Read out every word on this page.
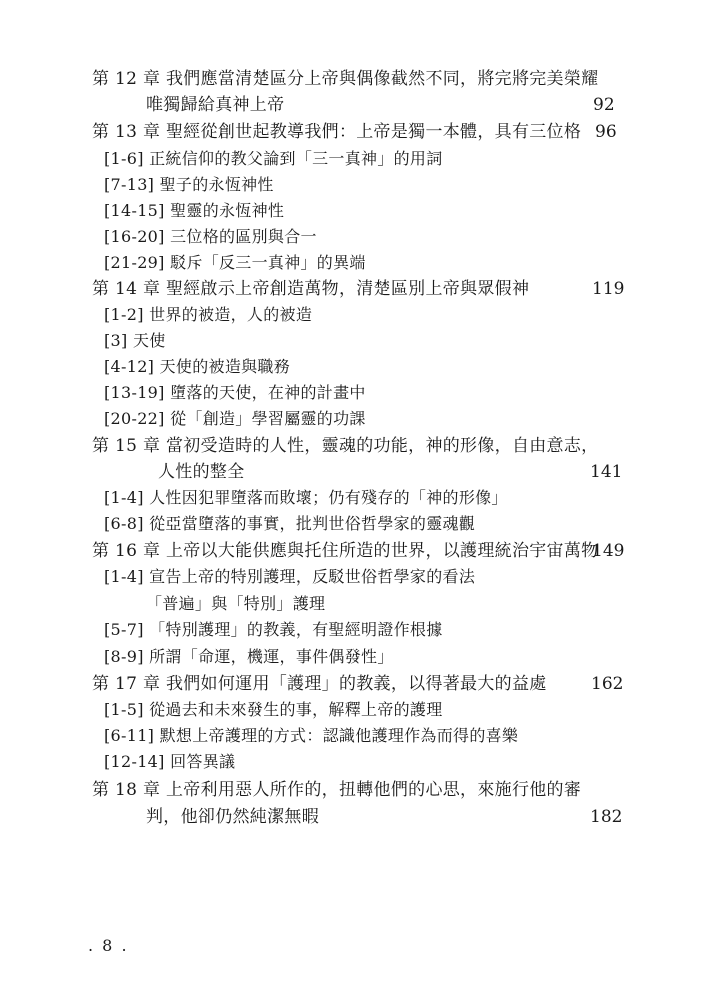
第 12 章 我們應當清楚區分上帝與偶像截然不同，將完將完美榮耀
唯獨歸給真神上帝	92
第 13 章 聖經從創世起教導我們：上帝是獨一本體，具有三位格 96
[1-6] 正統信仰的教父論到「三一真神」的用詞
[7-13] 聖子的永恆神性
[14-15] 聖靈的永恆神性
[16-20] 三位格的區別與合一
[21-29] 駁斥「反三一真神」的異端
第 14 章 聖經啟示上帝創造萬物，清楚區別上帝與眾假神	119
[1-2] 世界的被造，人的被造
[3] 天使
[4-12] 天使的被造與職務
[13-19] 墮落的天使，在神的計畫中
[20-22] 從「創造」學習屬靈的功課
第 15 章 當初受造時的人性，靈魂的功能，神的形像，自由意志，
人性的整全	141
[1-4] 人性因犯罪墮落而敗壞；仍有殘存的「神的形像」
[6-8] 從亞當墮落的事實，批判世俗哲學家的靈魂觀
第 16 章 上帝以大能供應與托住所造的世界，以護理統治宇宙萬物
149
[1-4] 宣告上帝的特別護理，反駁世俗哲學家的看法
「普遍」與「特別」護理
[5-7] 「特別護理」的教義，有聖經明證作根據
[8-9] 所謂「命運，機運，事件偶發性」
第 17 章 我們如何運用「護理」的教義，以得著最大的益處	162
[1-5] 從過去和未來發生的事，解釋上帝的護理
[6-11] 默想上帝護理的方式：認識他護理作為而得的喜樂
[12-14] 回答異議
第 18 章 上帝利用惡人所作的，扭轉他們的心思，來施行他的審
判，他卻仍然純潔無暇	182
. 8 .
